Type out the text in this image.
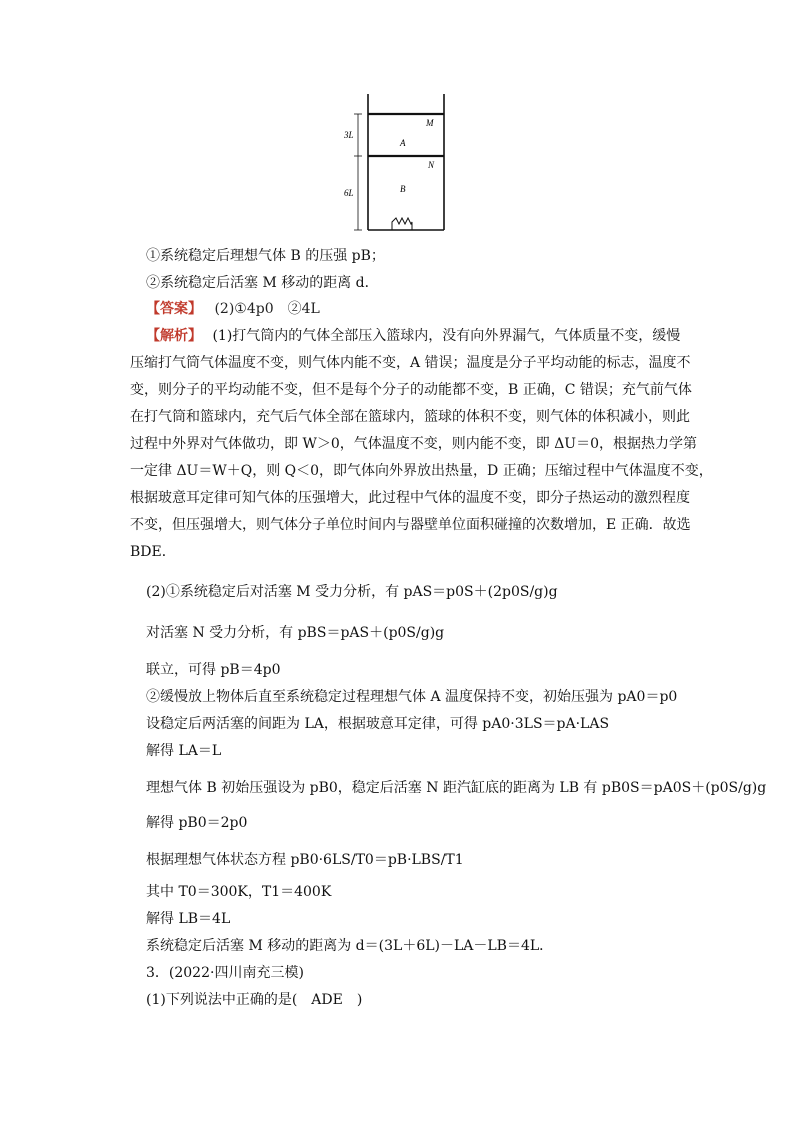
3L
6L
M
A
N
B
①系统稳定后理想气体 B 的压强 pB；
②系统稳定后活塞 M 移动的距离 d．
【答案】 (2)①4p0　②4L
【解析】 (1)打气筒内的气体全部压入篮球内，没有向外界漏气，气体质量不变，缓慢
压缩打气筒气体温度不变，则气体内能不变，A 错误；温度是分子平均动能的标志，温度不
变，则分子的平均动能不变，但不是每个分子的动能都不变，B 正确，C 错误；充气前气体
在打气筒和篮球内，充气后气体全部在篮球内，篮球的体积不变，则气体的体积减小，则此
过程中外界对气体做功，即 W＞0，气体温度不变，则内能不变，即 ΔU＝0，根据热力学第
一定律 ΔU＝W＋Q，则 Q＜0，即气体向外界放出热量，D 正确；压缩过程中气体温度不变，
根据玻意耳定律可知气体的压强增大，此过程中气体的温度不变，即分子热运动的激烈程度
不变，但压强增大，则气体分子单位时间内与器壁单位面积碰撞的次数增加，E 正确．故选
BDE．
(2)①系统稳定后对活塞 M 受力分析，有 pAS＝p0S＋(2p0S/g)g
对活塞 N 受力分析，有 pBS＝pAS＋(p0S/g)g
联立，可得 pB＝4p0
②缓慢放上物体后直至系统稳定过程理想气体 A 温度保持不变，初始压强为 pA0＝p0
设稳定后两活塞的间距为 LA，根据玻意耳定律，可得 pA0·3LS＝pA·LAS
解得 LA＝L
理想气体 B 初始压强设为 pB0，稳定后活塞 N 距汽缸底的距离为 LB 有 pB0S＝pA0S＋(p0S/g)g
解得 pB0＝2p0
根据理想气体状态方程 pB0·6LS/T0＝pB·LBS/T1
其中 T0＝300K，T1＝400K
解得 LB＝4L
系统稳定后活塞 M 移动的距离为 d＝(3L＋6L)－LA－LB＝4L．
3．(2022·四川南充三模)
(1)下列说法中正确的是(　ADE　)
